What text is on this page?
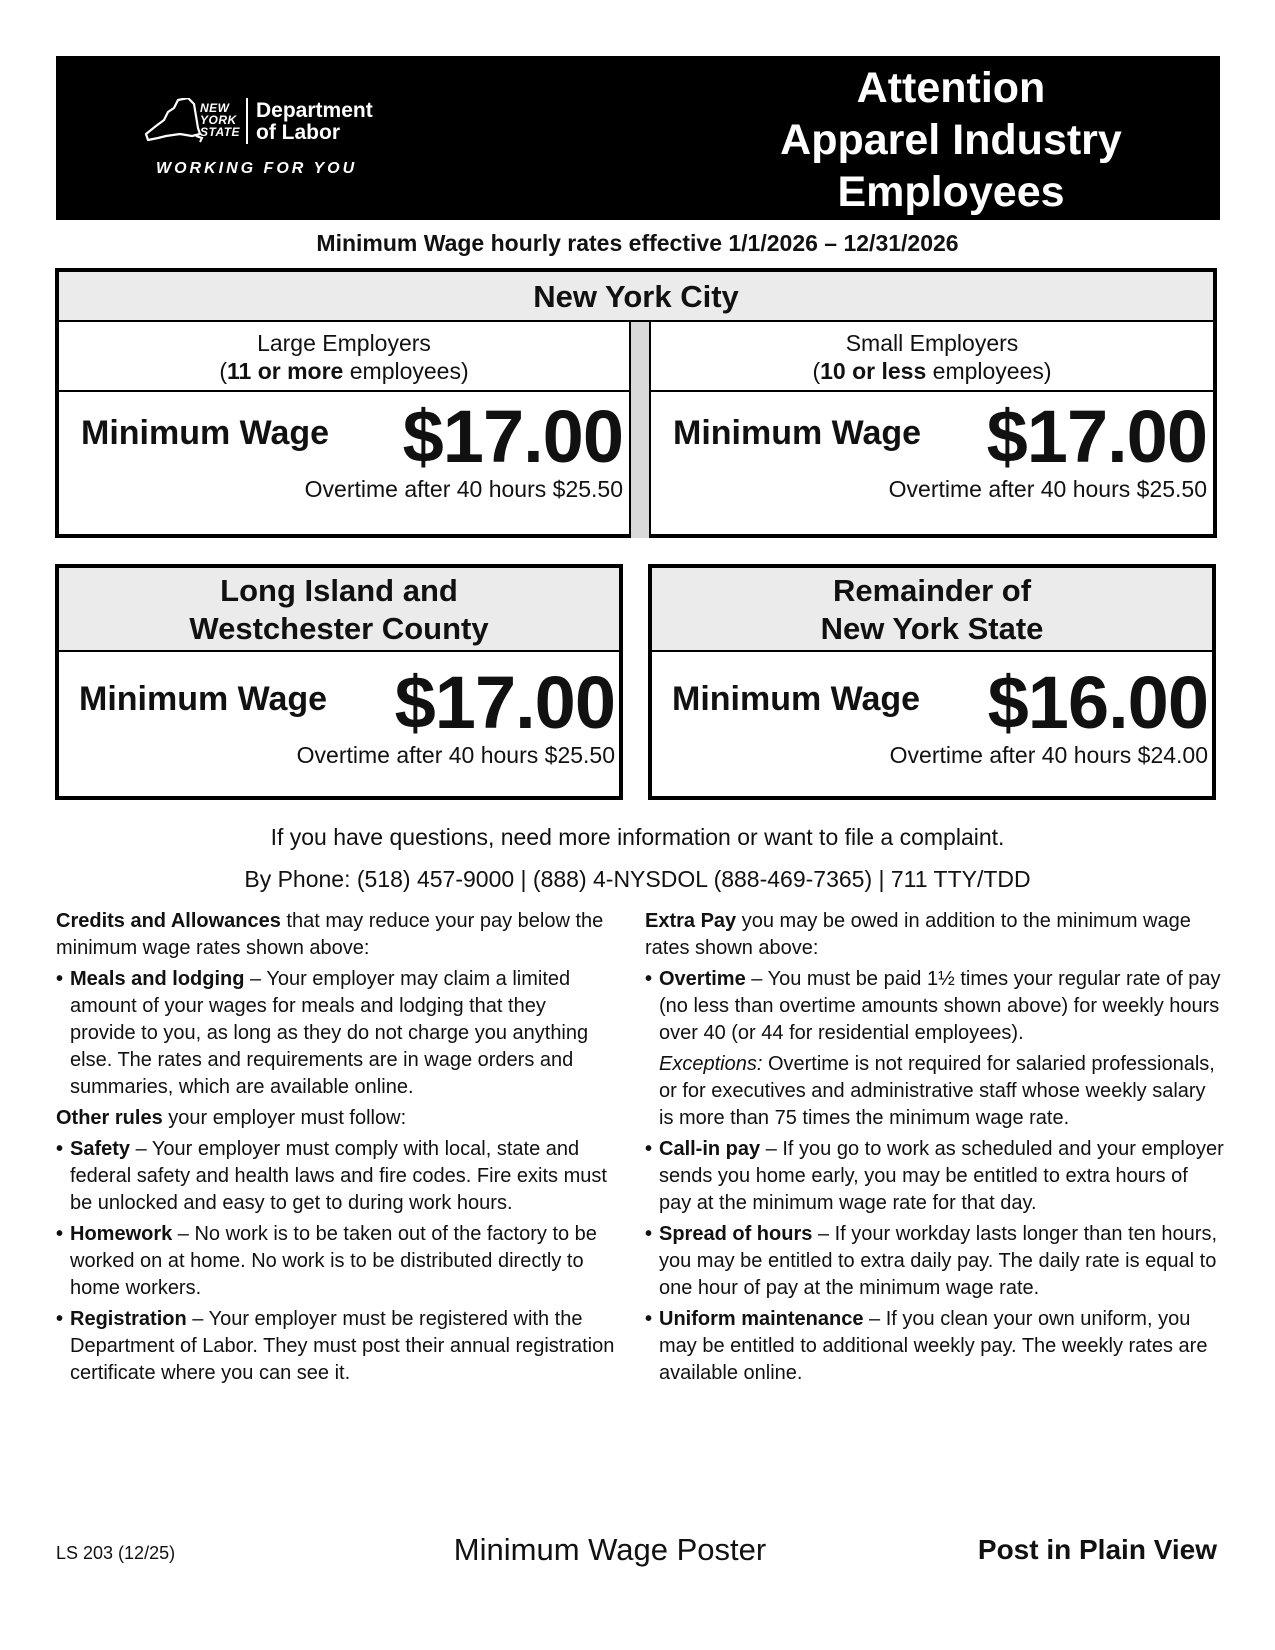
NEW
YORK
STATE
Department
of Labor
WORKING FOR YOU
Attention
Apparel Industry
Employees
Minimum Wage hourly rates effective 1/1/2026 – 12/31/2026
New York City
Large Employers
(11 or more employees)
Minimum Wage $17.00
Overtime after 40 hours $25.50
Small Employers
(10 or less employees)
Minimum Wage $17.00
Overtime after 40 hours $25.50
Long Island and
Westchester County
Minimum Wage $17.00
Overtime after 40 hours $25.50
Remainder of
New York State
Minimum Wage $16.00
Overtime after 40 hours $24.00
If you have questions, need more information or want to file a complaint.
By Phone: (518) 457-9000 | (888) 4-NYSDOL (888-469-7365) | 711 TTY/TDD

Credits and Allowances that may reduce your pay below the minimum wage rates shown above:

• Meals and lodging – Your employer may claim a limited amount of your wages for meals and lodging that they provide to you, as long as they do not charge you anything else. The rates and requirements are in wage orders and summaries, which are available online.

Other rules your employer must follow:

• Safety – Your employer must comply with local, state and federal safety and health laws and fire codes. Fire exits must be unlocked and easy to get to during work hours.
• Homework – No work is to be taken out of the factory to be worked on at home. No work is to be distributed directly to home workers.
• Registration – Your employer must be registered with the Department of Labor. They must post their annual registration certificate where you can see it.

Extra Pay you may be owed in addition to the minimum wage rates shown above:

• Overtime – You must be paid 1½ times your regular rate of pay (no less than overtime amounts shown above) for weekly hours over 40 (or 44 for residential employees).

Exceptions: Overtime is not required for salaried professionals, or for executives and administrative staff whose weekly salary is more than 75 times the minimum wage rate.

• Call-in pay – If you go to work as scheduled and your employer sends you home early, you may be entitled to extra hours of pay at the minimum wage rate for that day.
• Spread of hours – If your workday lasts longer than ten hours, you may be entitled to extra daily pay. The daily rate is equal to one hour of pay at the minimum wage rate.
• Uniform maintenance – If you clean your own uniform, you may be entitled to additional weekly pay. The weekly rates are available online.
LS 203 (12/25)	Minimum Wage Poster	Post in Plain View
